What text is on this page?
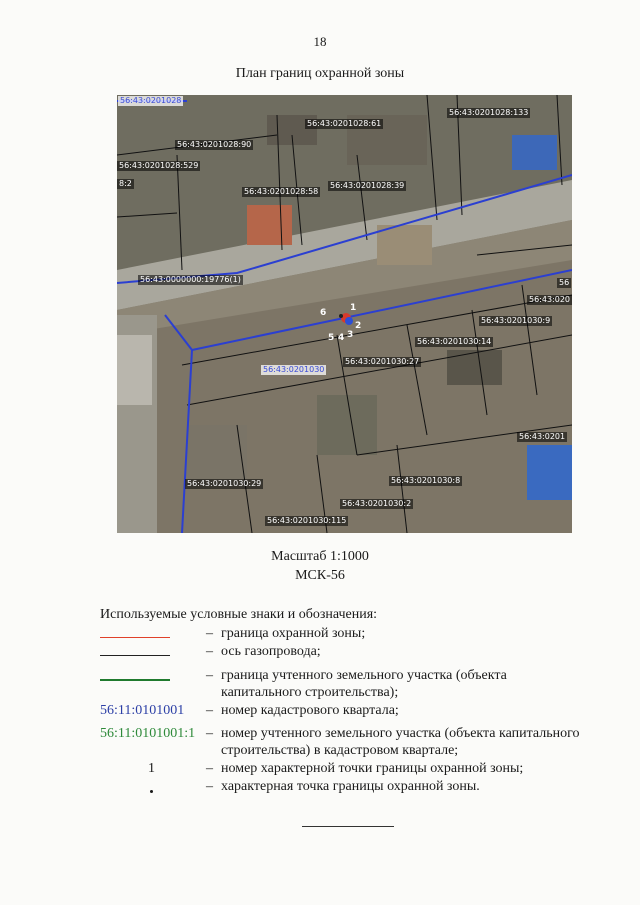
18
План границ охранной зоны
56:43:0201028
56:43:0201028:61
56:43:0201028:133
56:43:0201028:90
56:43:0201028:529
8:2
56:43:0201028:58
56:43:0201028:39
56:43:0000000:19776(1)	56
56:43:020
56:43:0201030:9
56:43:0201030:14
56:43:0201030
56:43:0201030:27
56:43:0201
56:43:0201030:8
56:43:0201030:29
56:43:0201030:2
56:43:0201030:115
6	1
2
3
4
5
Масштаб 1:1000
МСК-56
Используемые условные знаки и обозначения:
– граница охранной зоны;
– ось газопровода;
– граница учтенного земельного участка (объекта капитального строительства);
56:11:0101001	– номер кадастрового квартала;
56:11:0101001:1 – номер учтенного земельного участка (объекта капитального строительства) в кадастровом квартале;
1	– номер характерной точки границы охранной зоны;
– характерная точка границы охранной зоны.
